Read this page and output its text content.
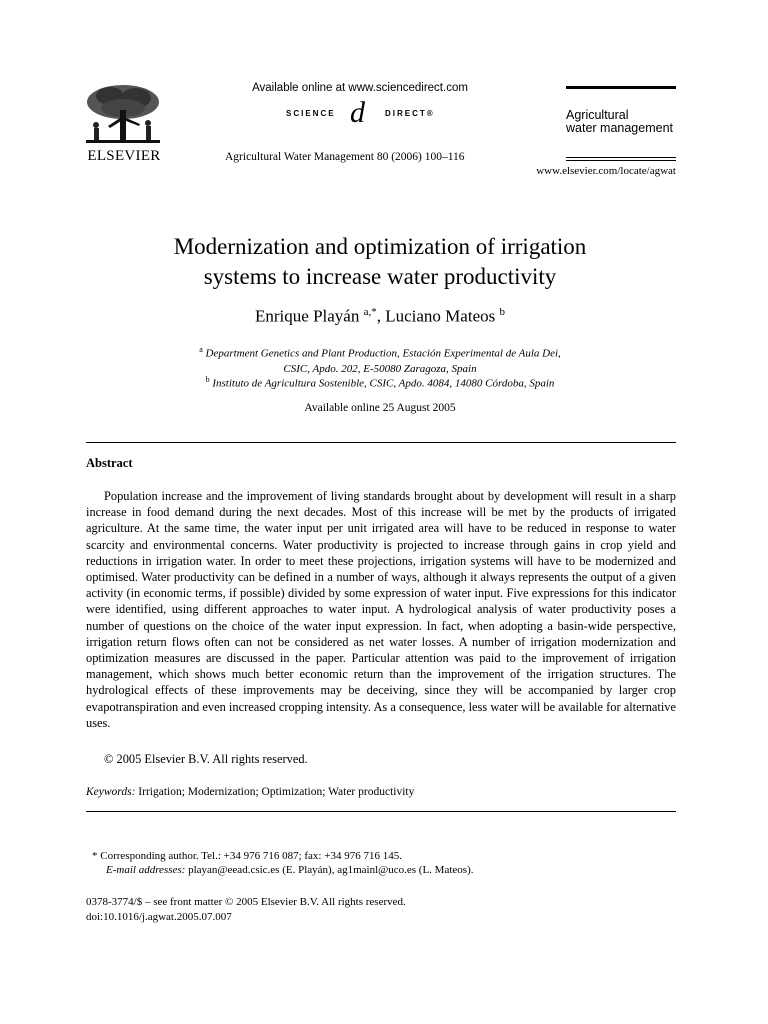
ELSEVIER
Available online at www.sciencedirect.com
SCIENCE d	DIRECT®
Agricultural Water Management 80 (2006) 100–116
Agricultural
water management
www.elsevier.com/locate/agwat
Modernization and optimization of irrigation
systems to increase water productivity
Enrique Playán $^{a,*}$, Luciano Mateos $^b$
$^a$ Department Genetics and Plant Production, Estación Experimental de Aula Dei,
CSIC, Apdo. 202, E-50080 Zaragoza, Spain
$^b$ Instituto de Agricultura Sostenible, CSIC, Apdo. 4084, 14080 Córdoba, Spain
Available online 25 August 2005
Abstract
Population increase and the improvement of living standards brought about by development will result in a sharp increase in food demand during the next decades. Most of this increase will be met by the products of irrigated agriculture. At the same time, the water input per unit irrigated area will have to be reduced in response to water scarcity and environmental concerns. Water productivity is projected to increase through gains in crop yield and reductions in irrigation water. In order to meet these projections, irrigation systems will have to be modernized and optimised. Water productivity can be defined in a number of ways, although it always represents the output of a given activity (in economic terms, if possible) divided by some expression of water input. Five expressions for this indicator were identified, using different approaches to water input. A hydrological analysis of water productivity poses a number of questions on the choice of the water input expression. In fact, when adopting a basin-wide perspective, irrigation return flows often can not be considered as net water losses. A number of irrigation modernization and optimization measures are discussed in the paper. Particular attention was paid to the improvement of irrigation management, which shows much better economic return than the improvement of the irrigation structures. The hydrological effects of these improvements may be deceiving, since they will be accompanied by larger crop evapotranspiration and even increased cropping intensity. As a consequence, less water will be available for alternative uses.
© 2005 Elsevier B.V. All rights reserved.
Keywords: Irrigation; Modernization; Optimization; Water productivity
* Corresponding author. Tel.: +34 976 716 087; fax: +34 976 716 145.
E-mail addresses: playan@eead.csic.es (E. Playán), ag1mainl@uco.es (L. Mateos).
0378-3774/$ – see front matter © 2005 Elsevier B.V. All rights reserved.
doi:10.1016/j.agwat.2005.07.007
